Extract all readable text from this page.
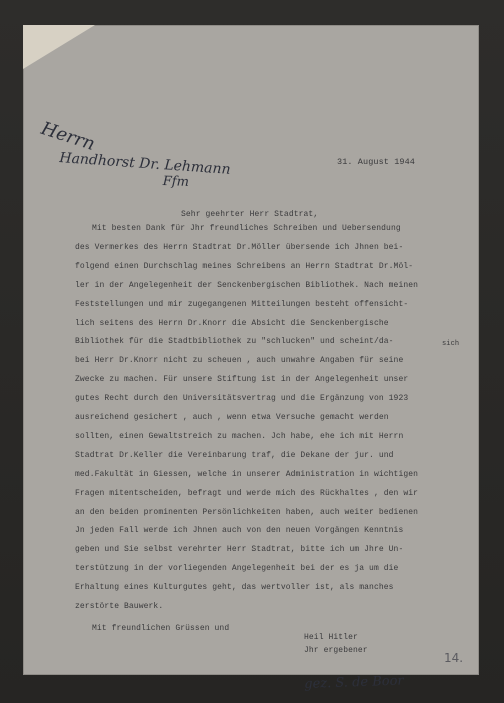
Herrn
Handhorst Dr. Lehmann
Ffm
31. August 1944
Sehr geehrter Herr Stadtrat,
sich
Mit besten Dank für Jhr freundliches Schreiben und Uebersendung
des Vermerkes des Herrn Stadtrat Dr.Möller übersende ich Jhnen bei-
folgend einen Durchschlag meines Schreibens an Herrn Stadtrat Dr.Möl-
ler in der Angelegenheit der Senckenbergischen Bibliothek. Nach meinen
Feststellungen und mir zugegangenen Mitteilungen besteht offensicht-
lich seitens des Herrn Dr.Knorr die Absicht die Senckenbergische
Bibliothek für die Stadtbibliothek zu "schlucken" und scheint/da-
bei Herr Dr.Knorr nicht zu scheuen , auch unwahre Angaben für seine
Zwecke zu machen. Für unsere Stiftung ist in der Angelegenheit unser
gutes Recht durch den Universitätsvertrag und die Ergänzung von 1923
ausreichend gesichert , auch , wenn etwa Versuche gemacht werden
sollten, einen Gewaltstreich zu machen. Jch habe, ehe ich mit Herrn
Stadtrat Dr.Keller die Vereinbarung traf, die Dekane der jur. und
med.Fakultät in Giessen, welche in unserer Administration in wichtigen
Fragen mitentscheiden, befragt und werde mich des Rückhaltes , den wir
an den beiden prominenten Persönlichkeiten haben, auch weiter bedienen
Jn jeden Fall werde ich Jhnen auch von den neuen Vorgängen Kenntnis
geben und Sie selbst verehrter Herr Stadtrat, bitte ich um Jhre Un-
terstützung in der vorliegenden Angelegenheit bei der es ja um die
Erhaltung eines Kulturgutes geht, das wertvoller ist, als manches
zerstörte Bauwerk.
Mit freundlichen Grüssen und
Heil Hitler
Jhr ergebener
gez. S. de Boor
14.
